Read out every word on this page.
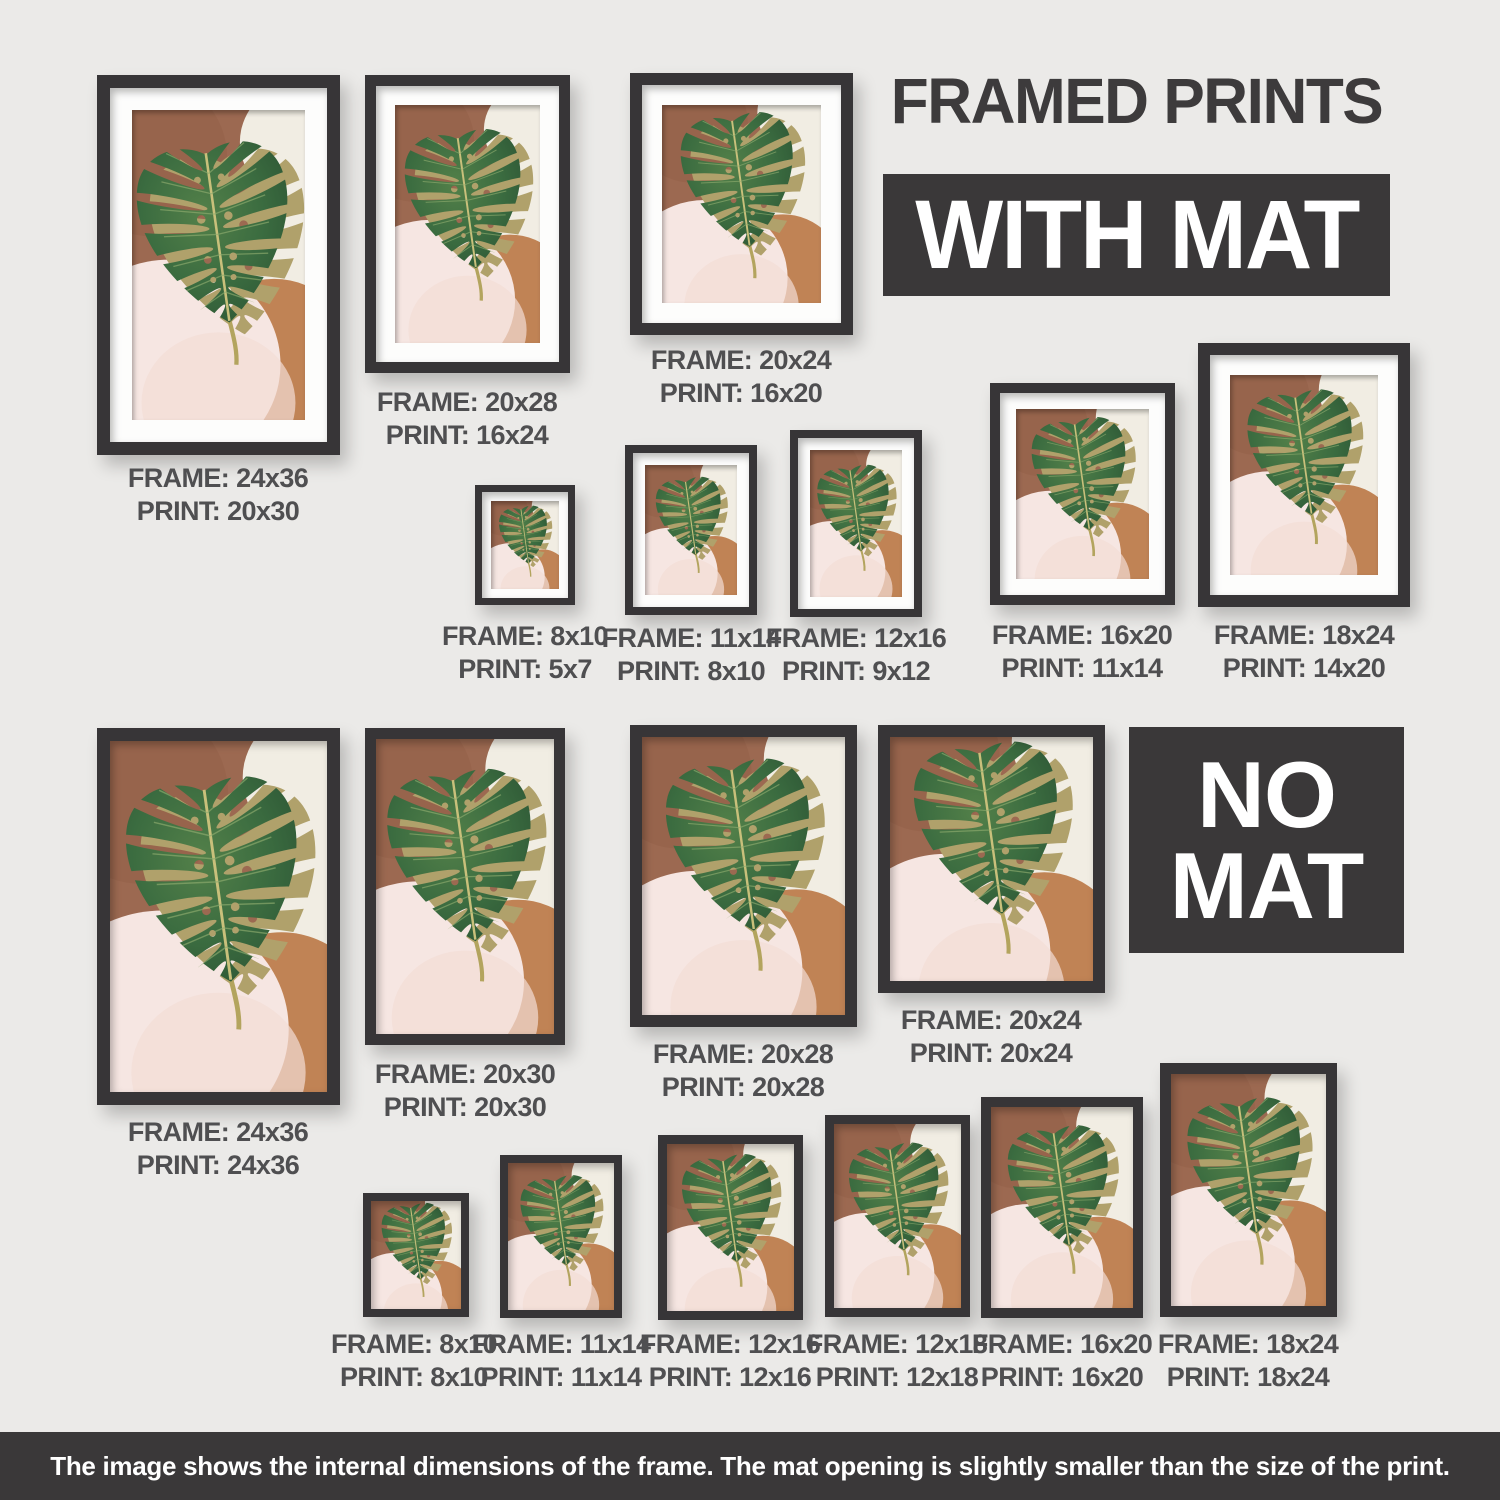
FRAMED PRINTS
WITH MAT
FRAME: 24x36
PRINT: 20x30
FRAME: 20x28
PRINT: 16x24
FRAME: 20x24
PRINT: 16x20
FRAME: 8x10
PRINT: 5x7
FRAME: 11x14
PRINT: 8x10
FRAME: 12x16
PRINT: 9x12
FRAME: 16x20
PRINT: 11x14
FRAME: 18x24
PRINT: 14x20
NO
MAT
FRAME: 24x36
PRINT: 24x36
FRAME: 20x30
PRINT: 20x30
FRAME: 20x28
PRINT: 20x28
FRAME: 20x24
PRINT: 20x24
FRAME: 8x10
PRINT: 8x10
FRAME: 11x14
PRINT: 11x14
FRAME: 12x16
PRINT: 12x16
FRAME: 12x18
PRINT: 12x18
FRAME: 16x20
PRINT: 16x20
FRAME: 18x24
PRINT: 18x24
The image shows the internal dimensions of the frame. The mat opening is slightly smaller than the size of the print.
